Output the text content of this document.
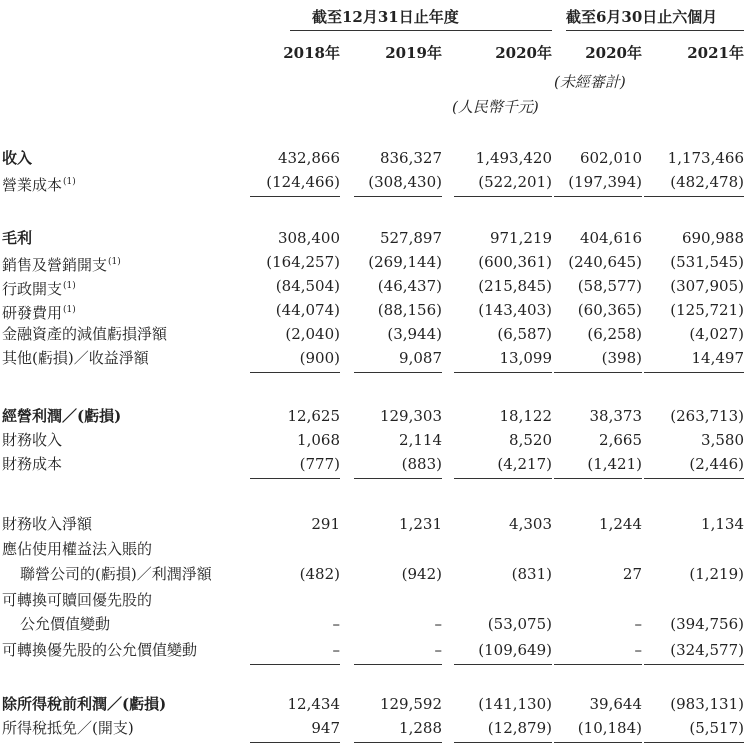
截至12月31日止年度	截至6月30日止六個月
2018年	2019年	2020年 2020年	2021年
(未經審計)
(人民幣千元)
收入	432,866	836,327 1,493,420 602,010 1,173,466
營業成本$^{(1)}$	(124,466) (308,430) (522,201) (197,394) (482,478)
毛利	308,400	527,897	971,219 404,616	690,988
銷售及營銷開支$^{(1)}$	(164,257) (269,144) (600,361) (240,645) (531,545)
行政開支$^{(1)}$	(84,504)	(46,437) (215,845) (58,577) (307,905)
研發費用$^{(1)}$	(44,074)	(88,156) (143,403) (60,365) (125,721)
金融資產的減值虧損淨額	(2,040)	(3,944)	(6,587) (6,258)	(4,027)
其他(虧損)／收益淨額	(900)	9,087	13,099	(398)	14,497
經營利潤／(虧損)	12,625	129,303	18,122	38,373 (263,713)
財務收入	1,068	2,114	8,520	2,665	3,580
財務成本	(777)	(883)	(4,217) (1,421)	(2,446)
財務收入淨額	291	1,231	4,303	1,244	1,134
應佔使用權益法入賬的
聯營公司的(虧損)／利潤淨額	(482)	(942)	(831)	27	(1,219)
可轉換可贖回優先股的
公允價值變動	–	–	(53,075)	– (394,756)
可轉換優先股的公允價值變動	–	– (109,649)	– (324,577)
除所得稅前利潤／(虧損)	12,434	129,592 (141,130)	39,644 (983,131)
所得稅抵免／(開支)	947	1,288	(12,879) (10,184)	(5,517)
